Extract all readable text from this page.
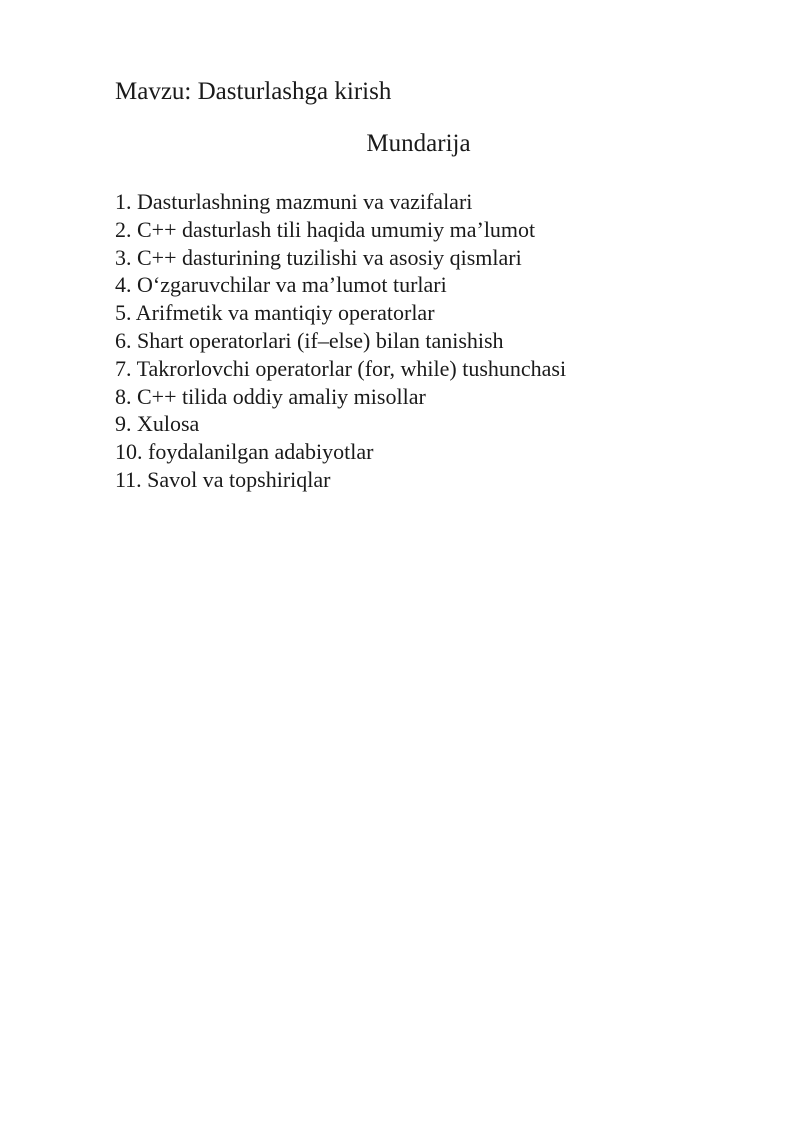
Mavzu: Dasturlashga kirish
Mundarija
1. Dasturlashning mazmuni va vazifalari
2. C++ dasturlash tili haqida umumiy ma’lumot
3. C++ dasturining tuzilishi va asosiy qismlari
4. O‘zgaruvchilar va ma’lumot turlari
5. Arifmetik va mantiqiy operatorlar
6. Shart operatorlari (if–else) bilan tanishish
7. Takrorlovchi operatorlar (for, while) tushunchasi
8. C++ tilida oddiy amaliy misollar
9. Xulosa
10. foydalanilgan adabiyotlar
11. Savol va topshiriqlar
